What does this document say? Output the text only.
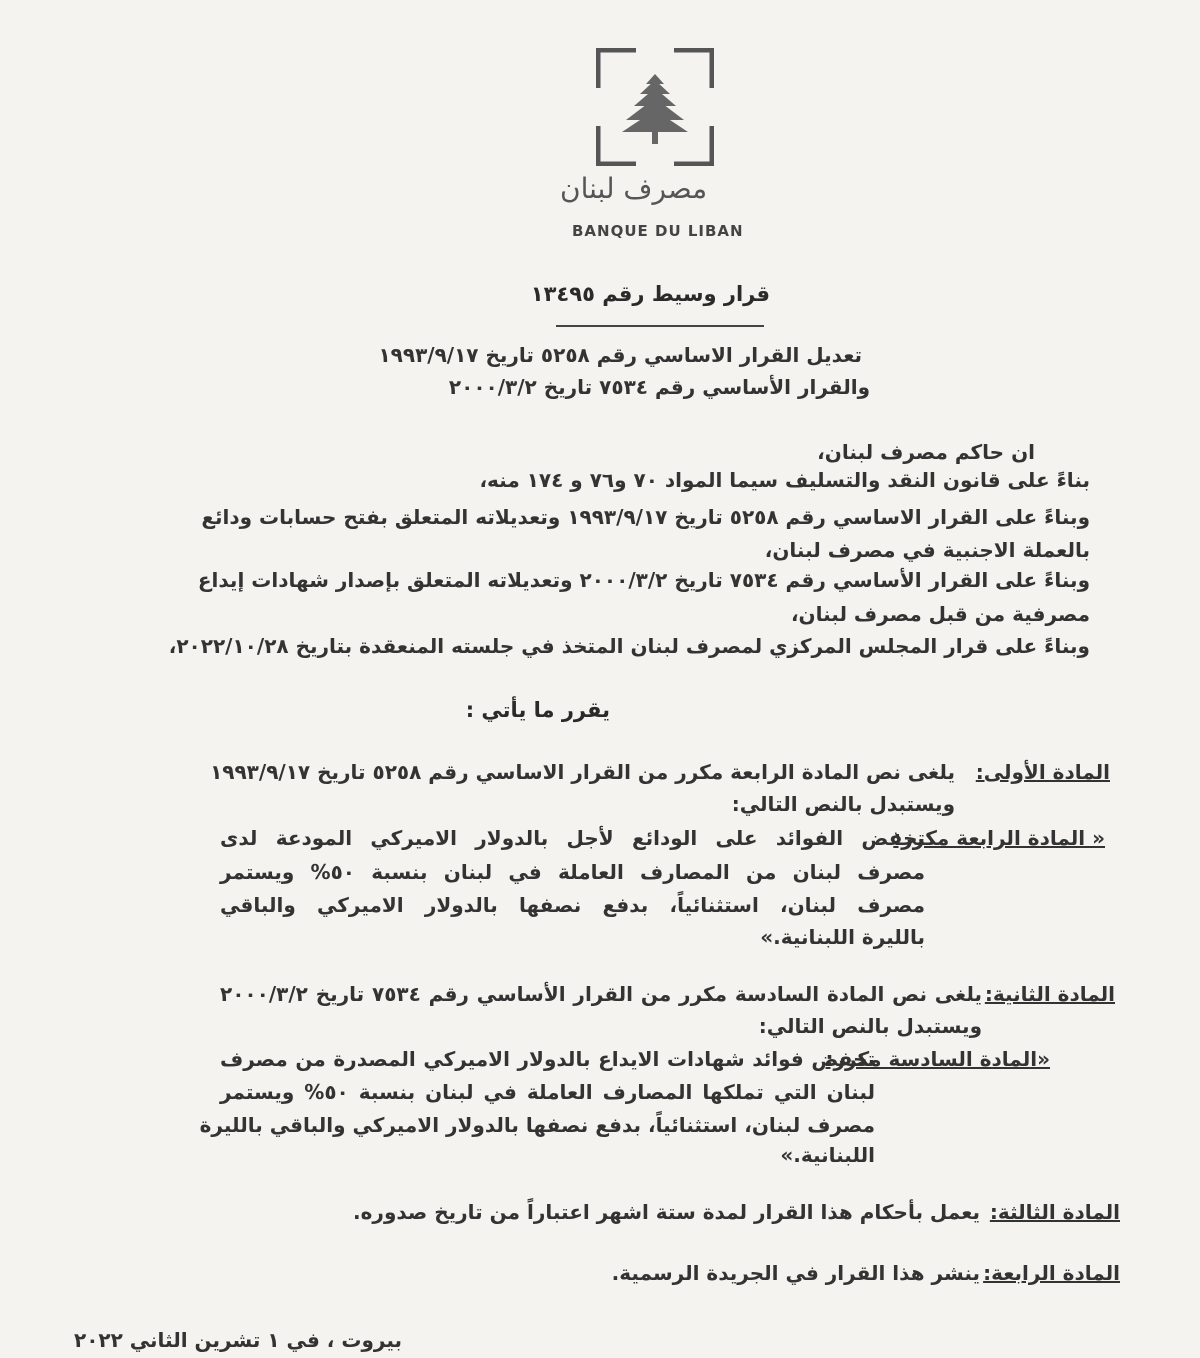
مصرف لبنان
BANQUE DU LIBAN
قرار وسيط رقم ١٣٤٩٥
تعديل القرار الاساسي رقم ٥٢٥٨ تاريخ ١٩٩٣/٩/١٧
والقرار الأساسي رقم ٧٥٣٤ تاريخ ٢٠٠٠/٣/٢
ان حاكم مصرف لبنان،
بناءً على قانون النقد والتسليف سيما المواد ٧٠ و٧٦ و ١٧٤ منه،
وبناءً على القرار الاساسي رقم ٥٢٥٨ تاريخ ١٩٩٣/٩/١٧ وتعديلاته المتعلق بفتح حسابات ودائع
بالعملة الاجنبية في مصرف لبنان،
وبناءً على القرار الأساسي رقم ٧٥٣٤ تاريخ ٢٠٠٠/٣/٢ وتعديلاته المتعلق بإصدار شهادات إيداع
مصرفية من قبل مصرف لبنان،
وبناءً على قرار المجلس المركزي لمصرف لبنان المتخذ في جلسته المنعقدة بتاريخ ٢٠٢٢/١٠/٢٨،
يقرر ما يأتي :
المادة الأولى:
يلغى نص المادة الرابعة مكرر من القرار الاساسي رقم ٥٢٥٨ تاريخ ١٩٩٣/٩/١٧
ويستبدل بالنص التالي:
« المادة الرابعة مكرر:
تخفض الفوائد على الودائع لأجل بالدولار الاميركي المودعة لدى
مصرف لبنان من المصارف العاملة في لبنان بنسبة ٥٠% ويستمر
مصرف لبنان، استثنائياً، بدفع نصفها بالدولار الاميركي والباقي
بالليرة اللبنانية.»
المادة الثانية:
يلغى نص المادة السادسة مكرر من القرار الأساسي رقم ٧٥٣٤ تاريخ ٢٠٠٠/٣/٢
ويستبدل بالنص التالي:
«المادة السادسة مكرر:
تخفض فوائد شهادات الايداع بالدولار الاميركي المصدرة من مصرف
لبنان التي تملكها المصارف العاملة في لبنان بنسبة ٥٠% ويستمر
مصرف لبنان، استثنائياً، بدفع نصفها بالدولار الاميركي والباقي بالليرة
اللبنانية.»
المادة الثالثة:
يعمل بأحكام هذا القرار لمدة ستة اشهر اعتباراً من تاريخ صدوره.
المادة الرابعة:
ينشر هذا القرار في الجريدة الرسمية.
بيروت ، في ١ تشرين الثاني ٢٠٢٢
